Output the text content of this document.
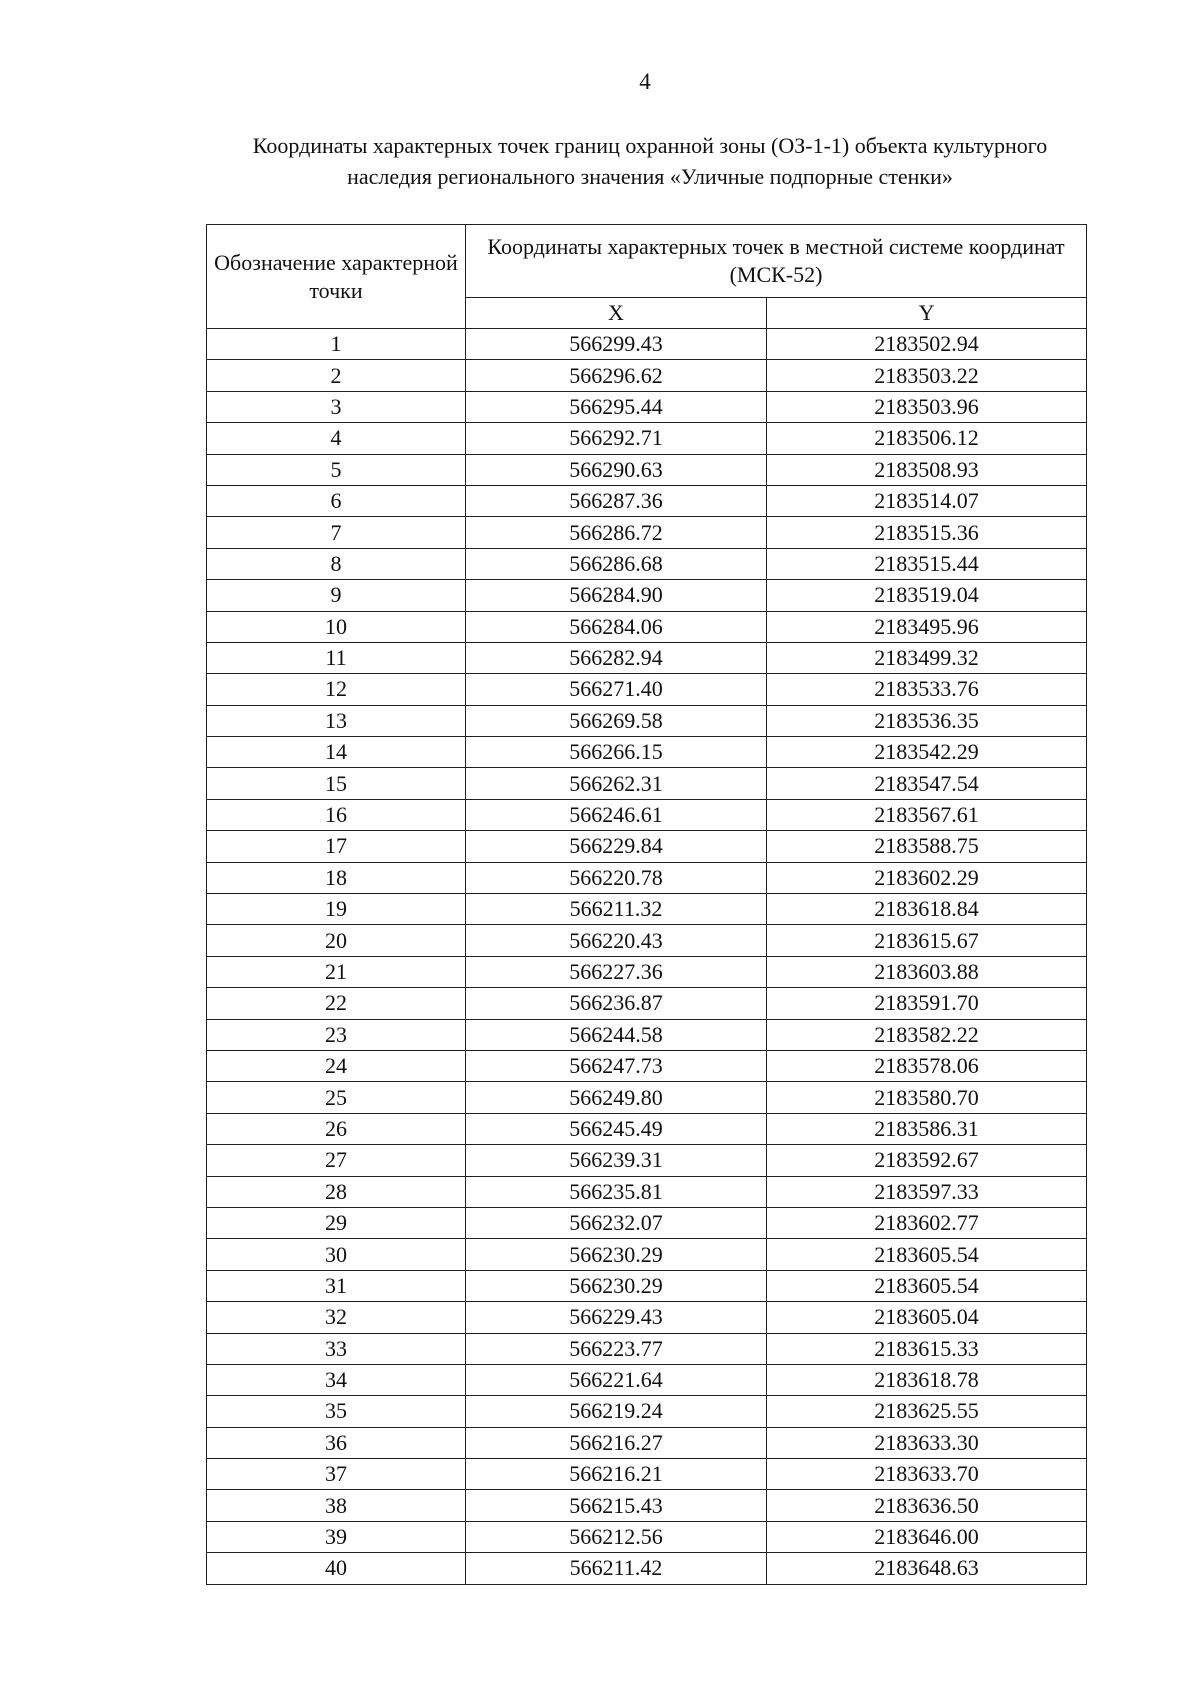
4
Координаты характерных точек границ охранной зоны (ОЗ-1-1) объекта культурного
наследия регионального значения «Уличные подпорные стенки»
Обозначение характерной точки	Координаты характерных точек в местной системе координат (МСК-52)	
	X	Y
1	566299.43	2183502.94
2	566296.62	2183503.22
3	566295.44	2183503.96
4	566292.71	2183506.12
5	566290.63	2183508.93
6	566287.36	2183514.07
7	566286.72	2183515.36
8	566286.68	2183515.44
9	566284.90	2183519.04
10	566284.06	2183495.96
11	566282.94	2183499.32
12	566271.40	2183533.76
13	566269.58	2183536.35
14	566266.15	2183542.29
15	566262.31	2183547.54
16	566246.61	2183567.61
17	566229.84	2183588.75
18	566220.78	2183602.29
19	566211.32	2183618.84
20	566220.43	2183615.67
21	566227.36	2183603.88
22	566236.87	2183591.70
23	566244.58	2183582.22
24	566247.73	2183578.06
25	566249.80	2183580.70
26	566245.49	2183586.31
27	566239.31	2183592.67
28	566235.81	2183597.33
29	566232.07	2183602.77
30	566230.29	2183605.54
31	566230.29	2183605.54
32	566229.43	2183605.04
33	566223.77	2183615.33
34	566221.64	2183618.78
35	566219.24	2183625.55
36	566216.27	2183633.30
37	566216.21	2183633.70
38	566215.43	2183636.50
39	566212.56	2183646.00
40	566211.42	2183648.63
